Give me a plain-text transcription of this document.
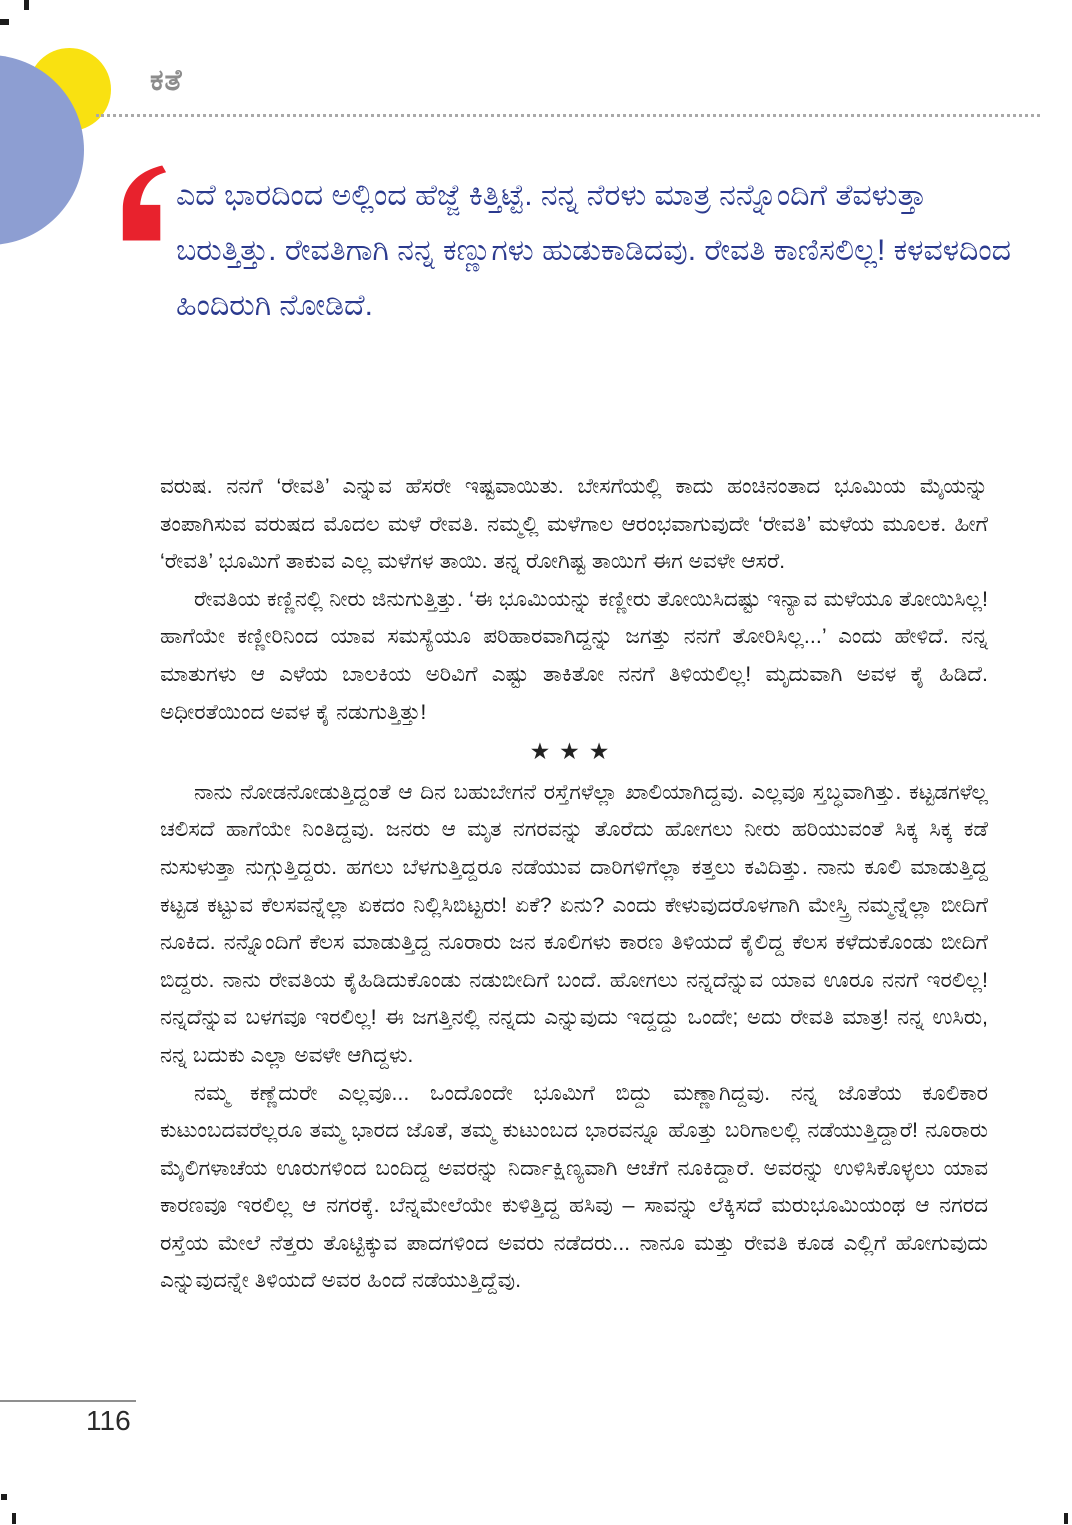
ಕತೆ
ಎದೆ ಭಾರದಿಂದ ಅಲ್ಲಿಂದ ಹೆಜ್ಜೆ ಕಿತ್ತಿಟ್ಟೆ. ನನ್ನ ನೆರಳು ಮಾತ್ರ ನನ್ನೊಂದಿಗೆ ತೆವಳುತ್ತಾ ಬರುತ್ತಿತ್ತು. ರೇವತಿಗಾಗಿ ನನ್ನ ಕಣ್ಣುಗಳು ಹುಡುಕಾಡಿದವು. ರೇವತಿ ಕಾಣಿಸಲಿಲ್ಲ! ಕಳವಳದಿಂದ ಹಿಂದಿರುಗಿ ನೋಡಿದೆ.

ವರುಷ. ನನಗೆ ‘ರೇವತಿ’ ಎನ್ನುವ ಹೆಸರೇ ಇಷ್ಟವಾಯಿತು. ಬೇಸಗೆಯಲ್ಲಿ ಕಾದು ಹಂಚಿನಂತಾದ ಭೂಮಿಯ ಮೈಯನ್ನು ತಂಪಾಗಿಸುವ ವರುಷದ ಮೊದಲ ಮಳೆ ರೇವತಿ. ನಮ್ಮಲ್ಲಿ ಮಳೆಗಾಲ ಆರಂಭವಾಗುವುದೇ ‘ರೇವತಿ’ ಮಳೆಯ ಮೂಲಕ. ಹೀಗೆ ‘ರೇವತಿ’ ಭೂಮಿಗೆ ತಾಕುವ ಎಲ್ಲ ಮಳೆಗಳ ತಾಯಿ. ತನ್ನ ರೋಗಿಷ್ಟ ತಾಯಿಗೆ ಈಗ ಅವಳೇ ಆಸರೆ.

ರೇವತಿಯ ಕಣ್ಣಿನಲ್ಲಿ ನೀರು ಜಿನುಗುತ್ತಿತ್ತು. ‘ಈ ಭೂಮಿಯನ್ನು ಕಣ್ಣೀರು ತೋಯಿಸಿದಷ್ಟು ಇನ್ಯಾವ ಮಳೆಯೂ ತೋಯಿಸಿಲ್ಲ! ಹಾಗೆಯೇ ಕಣ್ಣೀರಿನಿಂದ ಯಾವ ಸಮಸ್ಯೆಯೂ ಪರಿಹಾರವಾಗಿದ್ದನ್ನು ಜಗತ್ತು ನನಗೆ ತೋರಿಸಿಲ್ಲ...’ ಎಂದು ಹೇಳಿದೆ. ನನ್ನ ಮಾತುಗಳು ಆ ಎಳೆಯ ಬಾಲಕಿಯ ಅರಿವಿಗೆ ಎಷ್ಟು ತಾಕಿತೋ ನನಗೆ ತಿಳಿಯಲಿಲ್ಲ! ಮೃದುವಾಗಿ ಅವಳ ಕೈ ಹಿಡಿದೆ. ಅಧೀರತೆಯಿಂದ ಅವಳ ಕೈ ನಡುಗುತ್ತಿತ್ತು!

★★★

ನಾನು ನೋಡನೋಡುತ್ತಿದ್ದಂತೆ ಆ ದಿನ ಬಹುಬೇಗನೆ ರಸ್ತೆಗಳೆಲ್ಲಾ ಖಾಲಿಯಾಗಿದ್ದವು. ಎಲ್ಲವೂ ಸ್ತಬ್ಧವಾಗಿತ್ತು. ಕಟ್ಟಡಗಳೆಲ್ಲ ಚಲಿಸದೆ ಹಾಗೆಯೇ ನಿಂತಿದ್ದವು. ಜನರು ಆ ಮೃತ ನಗರವನ್ನು ತೊರೆದು ಹೋಗಲು ನೀರು ಹರಿಯುವಂತೆ ಸಿಕ್ಕ ಸಿಕ್ಕ ಕಡೆ ನುಸುಳುತ್ತಾ ನುಗ್ಗುತ್ತಿದ್ದರು. ಹಗಲು ಬೆಳಗುತ್ತಿದ್ದರೂ ನಡೆಯುವ ದಾರಿಗಳಿಗೆಲ್ಲಾ ಕತ್ತಲು ಕವಿದಿತ್ತು. ನಾನು ಕೂಲಿ ಮಾಡುತ್ತಿದ್ದ ಕಟ್ಟಡ ಕಟ್ಟುವ ಕೆಲಸವನ್ನೆಲ್ಲಾ ಏಕದಂ ನಿಲ್ಲಿಸಿಬಿಟ್ಟರು! ಏಕೆ? ಏನು? ಎಂದು ಕೇಳುವುದರೊಳಗಾಗಿ ಮೇಸ್ತ್ರಿ ನಮ್ಮನ್ನೆಲ್ಲಾ ಬೀದಿಗೆ ನೂಕಿದ. ನನ್ನೊಂದಿಗೆ ಕೆಲಸ ಮಾಡುತ್ತಿದ್ದ ನೂರಾರು ಜನ ಕೂಲಿಗಳು ಕಾರಣ ತಿಳಿಯದೆ ಕೈಲಿದ್ದ ಕೆಲಸ ಕಳೆದುಕೊಂಡು ಬೀದಿಗೆ ಬಿದ್ದರು. ನಾನು ರೇವತಿಯ ಕೈಹಿಡಿದುಕೊಂಡು ನಡುಬೀದಿಗೆ ಬಂದೆ. ಹೋಗಲು ನನ್ನದೆನ್ನುವ ಯಾವ ಊರೂ ನನಗೆ ಇರಲಿಲ್ಲ! ನನ್ನದೆನ್ನುವ ಬಳಗವೂ ಇರಲಿಲ್ಲ! ಈ ಜಗತ್ತಿನಲ್ಲಿ ನನ್ನದು ಎನ್ನುವುದು ಇದ್ದದ್ದು ಒಂದೇ; ಅದು ರೇವತಿ ಮಾತ್ರ! ನನ್ನ ಉಸಿರು, ನನ್ನ ಬದುಕು ಎಲ್ಲಾ ಅವಳೇ ಆಗಿದ್ದಳು.

ನಮ್ಮ ಕಣ್ಣೆದುರೇ ಎಲ್ಲವೂ... ಒಂದೊಂದೇ ಭೂಮಿಗೆ ಬಿದ್ದು ಮಣ್ಣಾಗಿದ್ದವು. ನನ್ನ ಜೊತೆಯ ಕೂಲಿಕಾರ ಕುಟುಂಬದವರೆಲ್ಲರೂ ತಮ್ಮ ಭಾರದ ಜೊತೆ, ತಮ್ಮ ಕುಟುಂಬದ ಭಾರವನ್ನೂ ಹೊತ್ತು ಬರಿಗಾಲಲ್ಲಿ ನಡೆಯುತ್ತಿದ್ದಾರೆ! ನೂರಾರು ಮೈಲಿಗಳಾಚೆಯ ಊರುಗಳಿಂದ ಬಂದಿದ್ದ ಅವರನ್ನು ನಿರ್ದಾಕ್ಷಿಣ್ಯವಾಗಿ ಆಚೆಗೆ ನೂಕಿದ್ದಾರೆ. ಅವರನ್ನು ಉಳಿಸಿಕೊಳ್ಳಲು ಯಾವ ಕಾರಣವೂ ಇರಲಿಲ್ಲ ಆ ನಗರಕ್ಕೆ. ಬೆನ್ನಮೇಲೆಯೇ ಕುಳಿತ್ತಿದ್ದ ಹಸಿವು – ಸಾವನ್ನು ಲೆಕ್ಕಿಸದೆ ಮರುಭೂಮಿಯಂಥ ಆ ನಗರದ ರಸ್ತೆಯ ಮೇಲೆ ನೆತ್ತರು ತೊಟ್ಟಿಕ್ಕುವ ಪಾದಗಳಿಂದ ಅವರು ನಡೆದರು... ನಾನೂ ಮತ್ತು ರೇವತಿ ಕೂಡ ಎಲ್ಲಿಗೆ ಹೋಗುವುದು ಎನ್ನುವುದನ್ನೇ ತಿಳಿಯದೆ ಅವರ ಹಿಂದೆ ನಡೆಯುತ್ತಿದ್ದೆವು.

116
